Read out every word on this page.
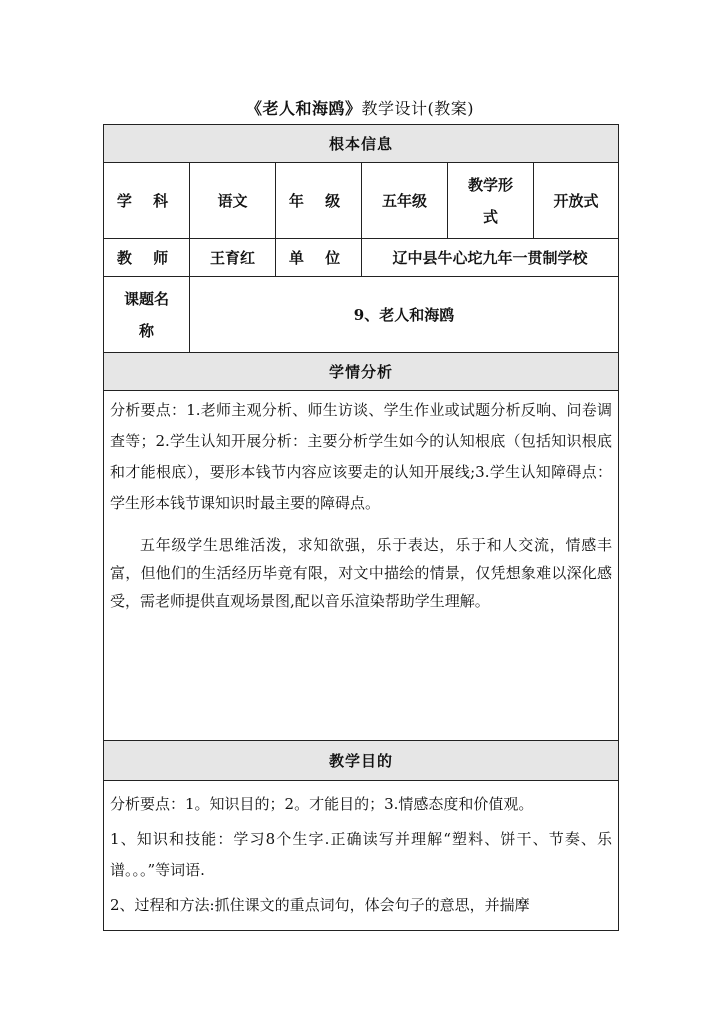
《老人和海鸥》教学设计(教案)
根本信息					
学 科	语文	年 级	五年级	教学形式	开放式
教 师	王育红	单 位	辽中县牛心坨九年一贯制学校		
课题名称	9、老人和海鸥				
学情分析					

分析要点：1.老师主观分析、师生访谈、学生作业或试题分析反响、问卷调查等；2.学生认知开展分析：主要分析学生如今的认知根底（包括知识根底和才能根底），要形本钱节内容应该要走的认知开展线;3.学生认知障碍点：学生形本钱节课知识时最主要的障碍点。
五年级学生思维活泼，求知欲强，乐于表达，乐于和人交流，情感丰富，但他们的生活经历毕竟有限，对文中描绘的情景，仅凭想象难以深化感受，需老师提供直观场景图,配以音乐渲染帮助学生理解。					

教学目的					

分析要点：1。知识目的；2。才能目的；3.情感态度和价值观。
1、知识和技能：学习8个生字.正确读写并理解“塑料、饼干、节奏、乐谱。。。”等词语.
2、过程和方法:抓住课文的重点词句，体会句子的意思，并揣摩					
